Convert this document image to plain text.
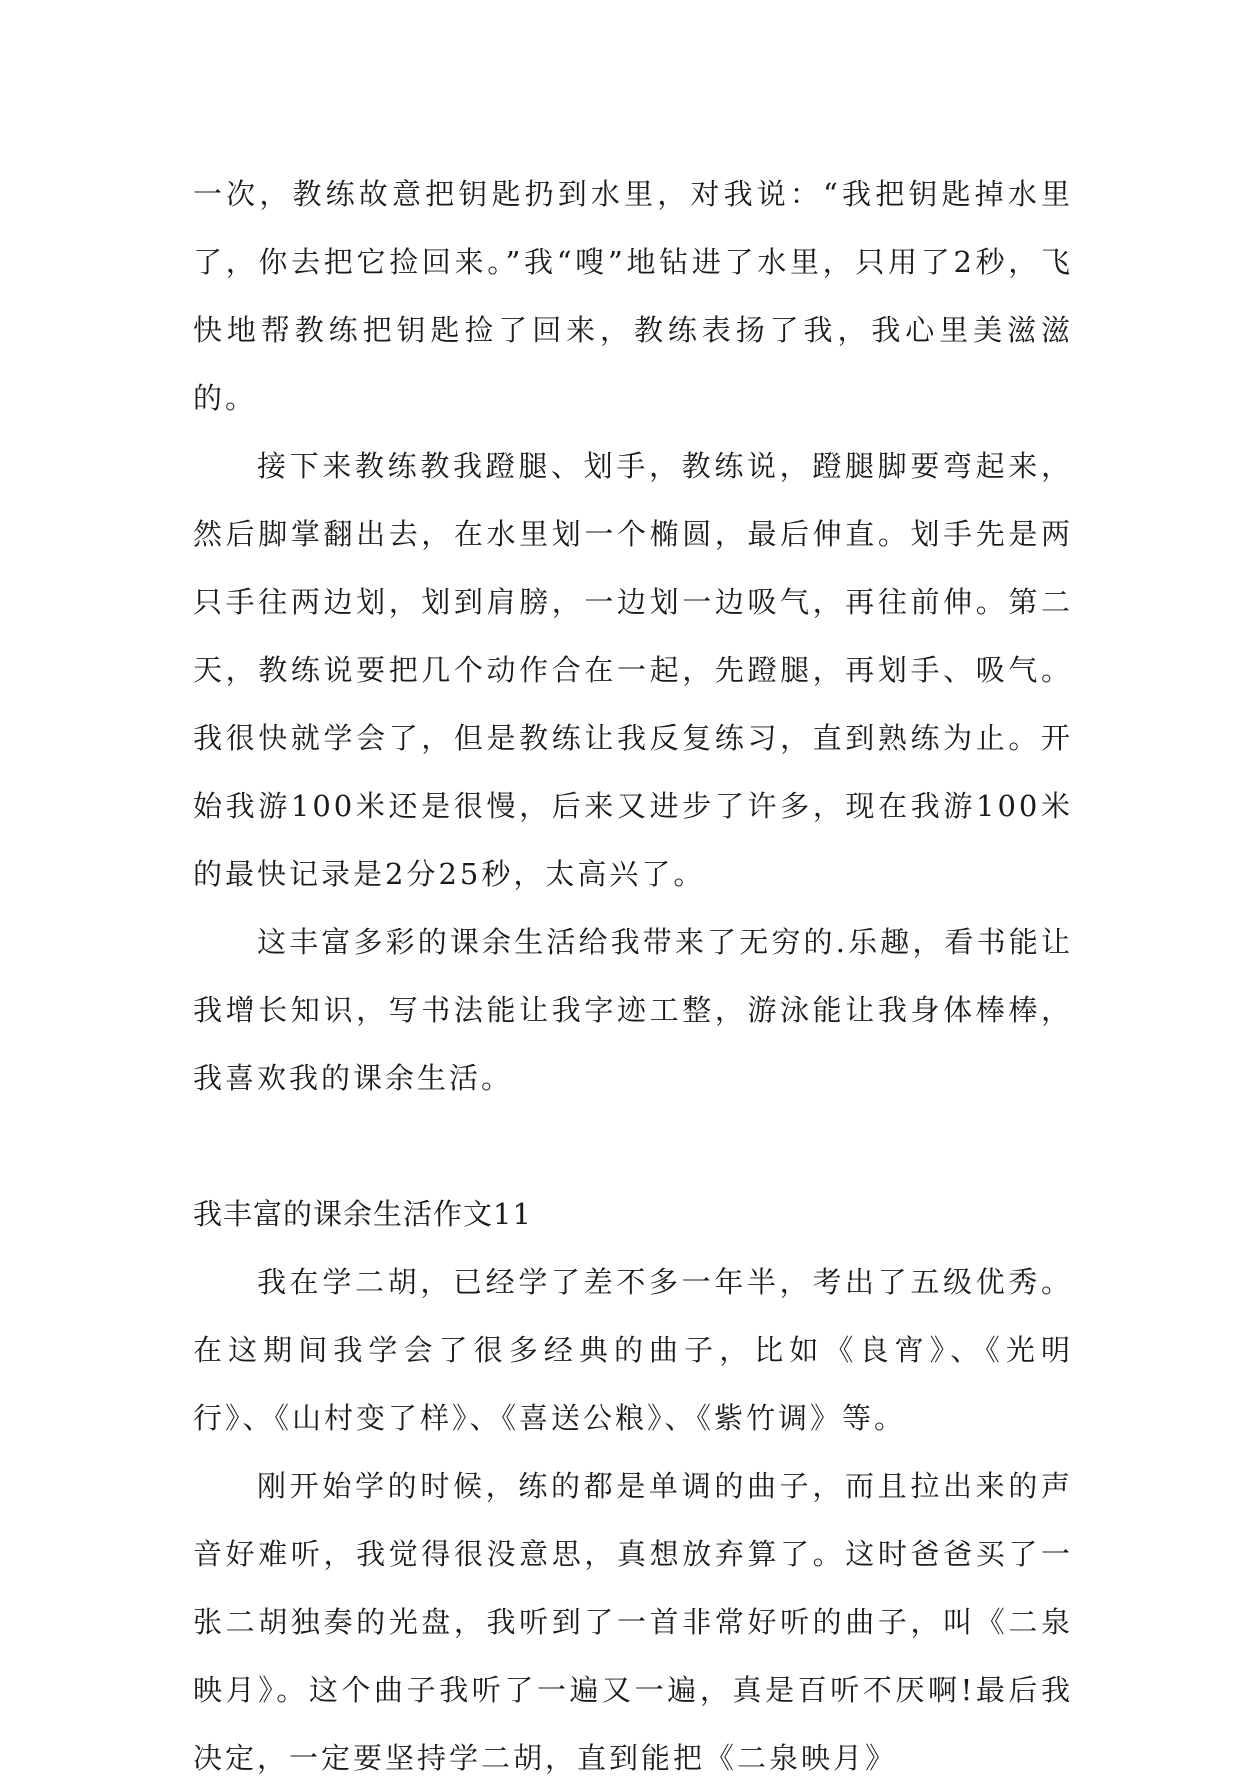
一次，教练故意把钥匙扔到水里，对我说：“我把钥匙掉水里了，你去把它捡回来。”我“嗖”地钻进了水里，只用了2秒，飞快地帮教练把钥匙捡了回来，教练表扬了我，我心里美滋滋的。

接下来教练教我蹬腿、划手，教练说，蹬腿脚要弯起来，然后脚掌翻出去，在水里划一个椭圆，最后伸直。划手先是两只手往两边划，划到肩膀，一边划一边吸气，再往前伸。第二天，教练说要把几个动作合在一起，先蹬腿，再划手、吸气。我很快就学会了，但是教练让我反复练习，直到熟练为止。开始我游100米还是很慢，后来又进步了许多，现在我游100米的最快记录是2分25秒，太高兴了。

这丰富多彩的课余生活给我带来了无穷的.乐趣，看书能让我增长知识，写书法能让我字迹工整，游泳能让我身体棒棒，我喜欢我的课余生活。

我丰富的课余生活作文11

我在学二胡，已经学了差不多一年半，考出了五级优秀。在这期间我学会了很多经典的曲子，比如《良宵》、《光明行》、《山村变了样》、《喜送公粮》、《紫竹调》等。

刚开始学的时候，练的都是单调的曲子，而且拉出来的声音好难听，我觉得很没意思，真想放弃算了。这时爸爸买了一张二胡独奏的光盘，我听到了一首非常好听的曲子，叫《二泉映月》。这个曲子我听了一遍又一遍，真是百听不厌啊!最后我决定，一定要坚持学二胡，直到能把《二泉映月》
